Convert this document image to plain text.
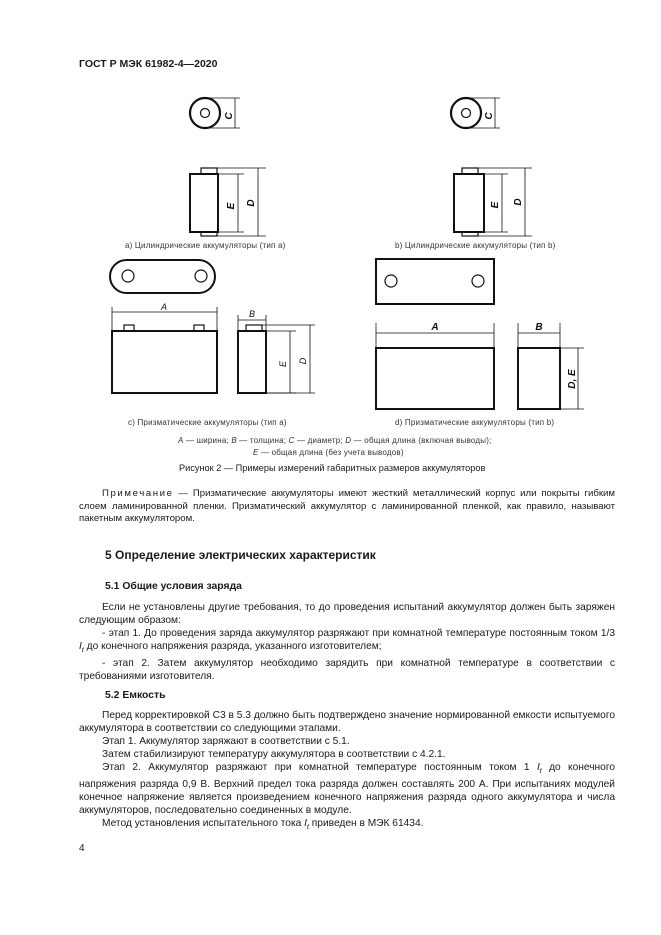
ГОСТ Р МЭК 61982-4—2020
C
E D
C
E D
A
B
E D
A	B
D, E
а) Цилиндрические аккумуляторы (тип а)	b) Цилиндрические аккумуляторы (тип b)
с) Призматические аккумуляторы (тип а)	d) Призматические аккумуляторы (тип b)
A — ширина; B — толщина; C — диаметр; D — общая длина (включая выводы);
E — общая длина (без учета выводов)
Рисунок 2 — Примеры измерений габаритных размеров аккумуляторов

Примечание — Призматические аккумуляторы имеют жесткий металлический корпус или покрыты гибким слоем ламинированной пленки. Призматический аккумулятор с ламинированной пленкой, как правило, называют пакетным аккумулятором.

5 Определение электрических характеристик
5.1 Общие условия заряда

Если не установлены другие требования, то до проведения испытаний аккумулятор должен быть заряжен следующим образом:

- этап 1. До проведения заряда аккумулятор разряжают при комнатной температуре постоянным током 1/3 $I_t$ до конечного напряжения разряда, указанного изготовителем;

- этап 2. Затем аккумулятор необходимо зарядить при комнатной температуре в соответствии с требованиями изготовителя.

5.2 Емкость

Перед корректировкой С3 в 5.3 должно быть подтверждено значение нормированной емкости испытуемого аккумулятора в соответствии со следующими этапами.

Этап 1. Аккумулятор заряжают в соответствии с 5.1.

Затем стабилизируют температуру аккумулятора в соответствии с 4.2.1.

Этап 2. Аккумулятор разряжают при комнатной температуре постоянным током 1 $I_t$ до конечного напряжения разряда 0,9 В. Верхний предел тока разряда должен составлять 200 А. При испытаниях модулей конечное напряжение является произведением конечного напряжения разряда одного аккумулятора и числа аккумуляторов, последовательно соединенных в модуле.

Метод установления испытательного тока $I_t$ приведен в МЭК 61434.

4
